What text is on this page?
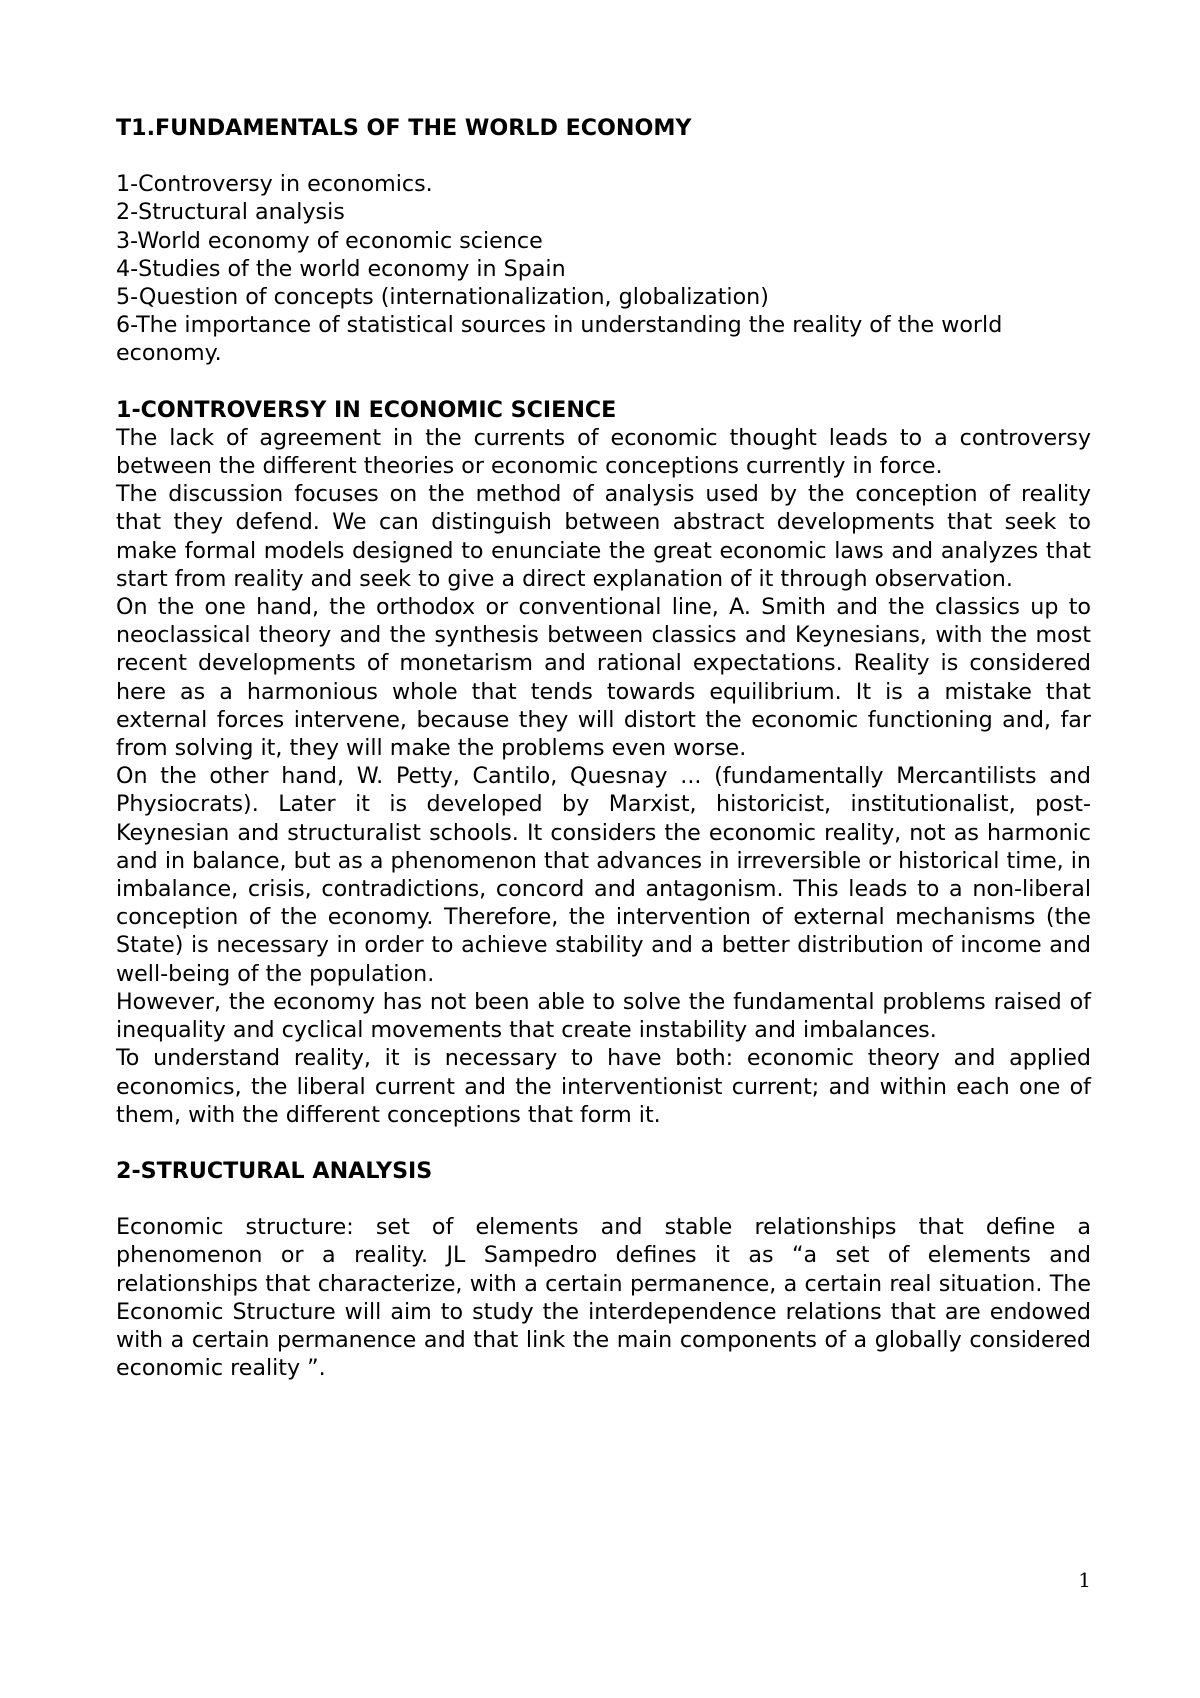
T1.FUNDAMENTALS OF THE WORLD ECONOMY
1-Controversy in economics.
2-Structural analysis
3-World economy of economic science
4-Studies of the world economy in Spain
5-Question of concepts (internationalization, globalization)
6-The importance of statistical sources in understanding the reality of the world economy.
1-CONTROVERSY IN ECONOMIC SCIENCE

The lack of agreement in the currents of economic thought leads to a controversy between the different theories or economic conceptions currently in force.

The discussion focuses on the method of analysis used by the conception of reality that they defend. We can distinguish between abstract developments that seek to make formal models designed to enunciate the great economic laws and analyzes that start from reality and seek to give a direct explanation of it through observation.

On the one hand, the orthodox or conventional line, A. Smith and the classics up to neoclassical theory and the synthesis between classics and Keynesians, with the most recent developments of monetarism and rational expectations. Reality is considered here as a harmonious whole that tends towards equilibrium. It is a mistake that external forces intervene, because they will distort the economic functioning and, far from solving it, they will make the problems even worse.

On the other hand, W. Petty, Cantilo, Quesnay ... (fundamentally Mercantilists and Physiocrats). Later it is developed by Marxist, historicist, institutionalist, post-Keynesian and structuralist schools. It considers the economic reality, not as harmonic and in balance, but as a phenomenon that advances in irreversible or historical time, in imbalance, crisis, contradictions, concord and antagonism. This leads to a non-liberal conception of the economy. Therefore, the intervention of external mechanisms (the State) is necessary in order to achieve stability and a better distribution of income and well-being of the population.

However, the economy has not been able to solve the fundamental problems raised of inequality and cyclical movements that create instability and imbalances.

To understand reality, it is necessary to have both: economic theory and applied economics, the liberal current and the interventionist current; and within each one of them, with the different conceptions that form it.

2-STRUCTURAL ANALYSIS

Economic structure: set of elements and stable relationships that define a phenomenon or a reality. JL Sampedro defines it as “a set of elements and relationships that characterize, with a certain permanence, a certain real situation. The Economic Structure will aim to study the interdependence relations that are endowed with a certain permanence and that link the main components of a globally considered economic reality ”.

1
